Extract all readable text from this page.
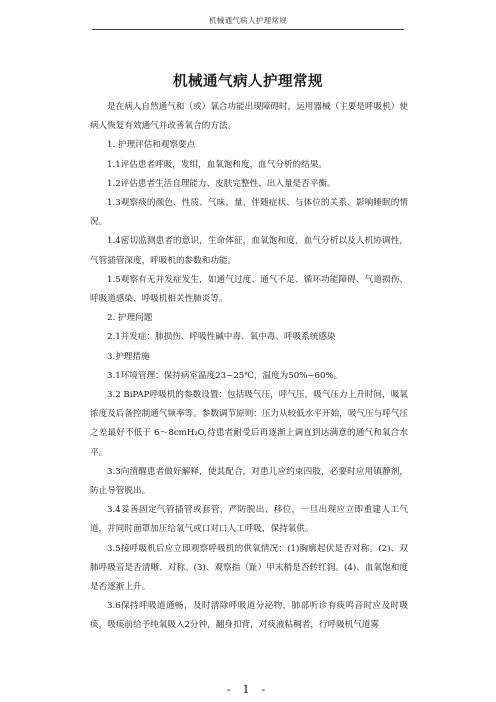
机械通气病人护理常规
机械通气病人护理常规

是在病人自然通气和（或）氧合功能出现障碍时，运用器械（主要是呼吸机）使病人恢复有效通气并改善氧合的方法。

1. 护理评估和观察要点

1.1评估患者呼吸，发绀，血氧饱和度，血气分析的结果。

1.2评估患者生活自理能力、皮肤完整性、出入量是否平衡。

1.3观察痰的颜色、性质、气味、量、伴随症状、与体位的关系、影响睡眠的情况。

1.4密切监测患者的意识，生命体征，血氧饱和度，血气分析以及人机协调性，气管插管深度，呼吸机的参数和功能。

1.5观察有无并发症发生，如通气过度、通气不足、循环功能障碍、气道损伤、呼吸道感染、呼吸机相关性肺炎等。

2. 护理问题

2.1并发症：肺损伤、呼吸性碱中毒、氧中毒、呼吸系统感染

3.护理措施

3.1环境管理：保持病室温度23~25℃，温度为50%~60%。

3.2 BiPAP呼吸机的参数设置：包括吸气压，呼气压，吸气压力上升时间，吸氧浓度及后备控制通气频率等。参数调节原则：压力从较低水平开始，吸气压与呼气压之差最好不低于 6～8cmH₂O,待患者耐受后再逐渐上调直到达满意的通气和氧合水平。

3.3向清醒患者做好解释，使其配合，对患儿应约束四肢，必要时应用镇静剂，防止导管脱出。

3.4妥善固定气管插管或套管，严防脱出、移位，一旦出现应立即重建人工气道，并同时面罩加压给氧气或口对口人工呼吸，保持氧供。

3.5接呼吸机后应立即观察呼吸机的供氧情况：(1)胸廓起伏是否对称。(2)、双肺呼吸音是否清晰、对称。(3)、观察指（趾）甲末梢是否转红润。(4)、血氧饱和度是否逐渐上升。

3.6保持呼吸道通畅，及时清除呼吸道分泌物，肺部听诊有痰鸣音时应及时吸痰，吸痰前给予纯氧吸入2分钟，翻身扣背，对痰液粘稠者，行呼吸机气道雾

- 1 -
